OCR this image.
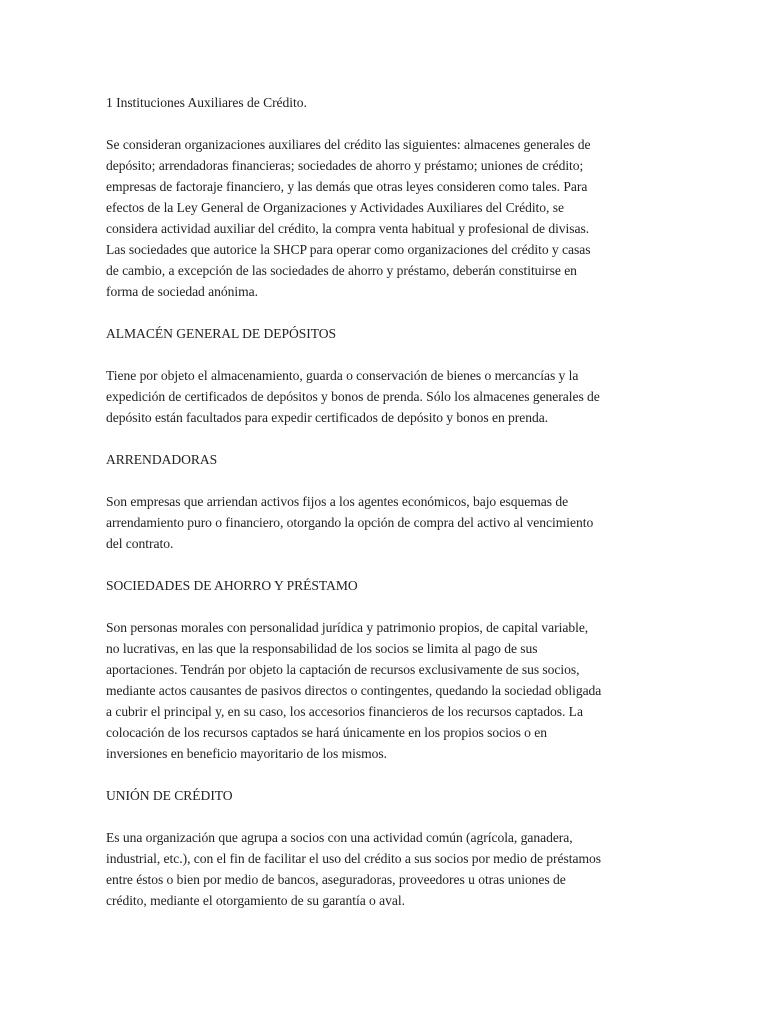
1 Instituciones Auxiliares de Crédito.
Se consideran organizaciones auxiliares del crédito las siguientes: almacenes generales de
depósito; arrendadoras financieras; sociedades de ahorro y préstamo; uniones de crédito;
empresas de factoraje financiero, y las demás que otras leyes consideren como tales. Para
efectos de la Ley General de Organizaciones y Actividades Auxiliares del Crédito, se
considera actividad auxiliar del crédito, la compra venta habitual y profesional de divisas.
Las sociedades que autorice la SHCP para operar como organizaciones del crédito y casas
de cambio, a excepción de las sociedades de ahorro y préstamo, deberán constituirse en
forma de sociedad anónima.
ALMACÉN GENERAL DE DEPÓSITOS
Tiene por objeto el almacenamiento, guarda o conservación de bienes o mercancías y la
expedición de certificados de depósitos y bonos de prenda. Sólo los almacenes generales de
depósito están facultados para expedir certificados de depósito y bonos en prenda.
ARRENDADORAS
Son empresas que arriendan activos fijos a los agentes económicos, bajo esquemas de
arrendamiento puro o financiero, otorgando la opción de compra del activo al vencimiento
del contrato.
SOCIEDADES DE AHORRO Y PRÉSTAMO
Son personas morales con personalidad jurídica y patrimonio propios, de capital variable,
no lucrativas, en las que la responsabilidad de los socios se limita al pago de sus
aportaciones. Tendrán por objeto la captación de recursos exclusivamente de sus socios,
mediante actos causantes de pasivos directos o contingentes, quedando la sociedad obligada
a cubrir el principal y, en su caso, los accesorios financieros de los recursos captados. La
colocación de los recursos captados se hará únicamente en los propios socios o en
inversiones en beneficio mayoritario de los mismos.
UNIÓN DE CRÉDITO
Es una organización que agrupa a socios con una actividad común (agrícola, ganadera,
industrial, etc.), con el fin de facilitar el uso del crédito a sus socios por medio de préstamos
entre éstos o bien por medio de bancos, aseguradoras, proveedores u otras uniones de
crédito, mediante el otorgamiento de su garantía o aval.
